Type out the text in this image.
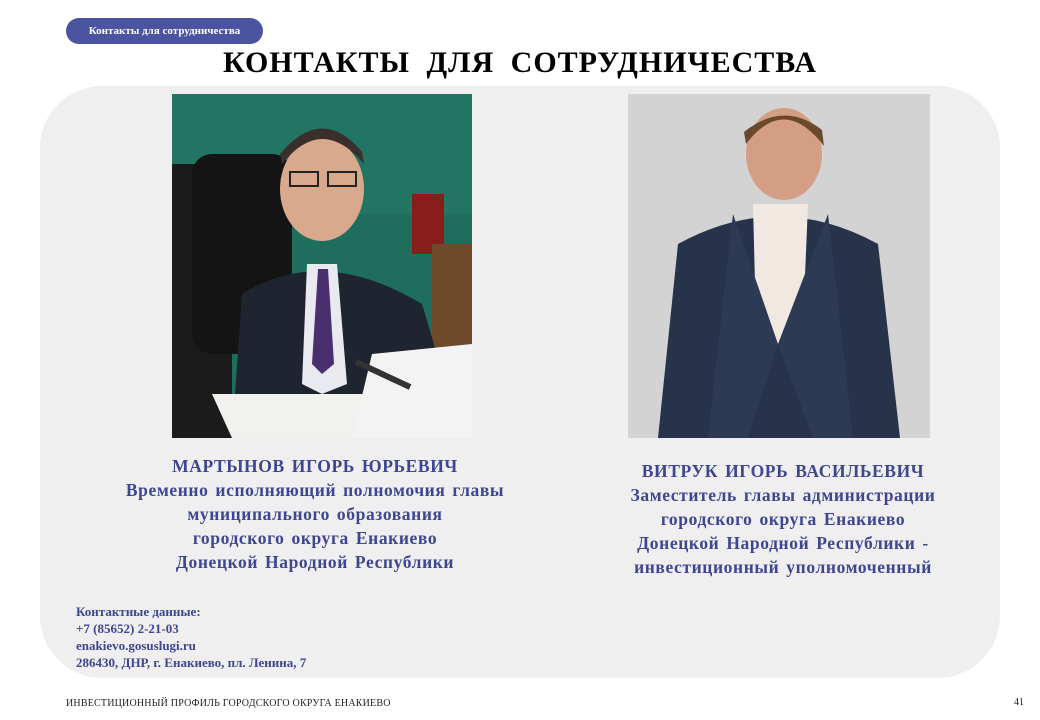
Контакты для сотрудничества
КОНТАКТЫ ДЛЯ СОТРУДНИЧЕСТВА
МАРТЫНОВ ИГОРЬ ЮРЬЕВИЧ
Временно исполняющий полномочия главы
муниципального образования
городского округа Енакиево
Донецкой Народной Республики
ВИТРУК ИГОРЬ ВАСИЛЬЕВИЧ
Заместитель главы администрации
городского округа Енакиево
Донецкой Народной Республики -
инвестиционный уполномоченный
Контактные данные:
+7 (85652) 2-21-03
enakievo.gosuslugi.ru
286430, ДНР, г. Енакиево, пл. Ленина, 7
ИНВЕСТИЦИОННЫЙ ПРОФИЛЬ ГОРОДСКОГО ОКРУГА ЕНАКИЕВО	41
